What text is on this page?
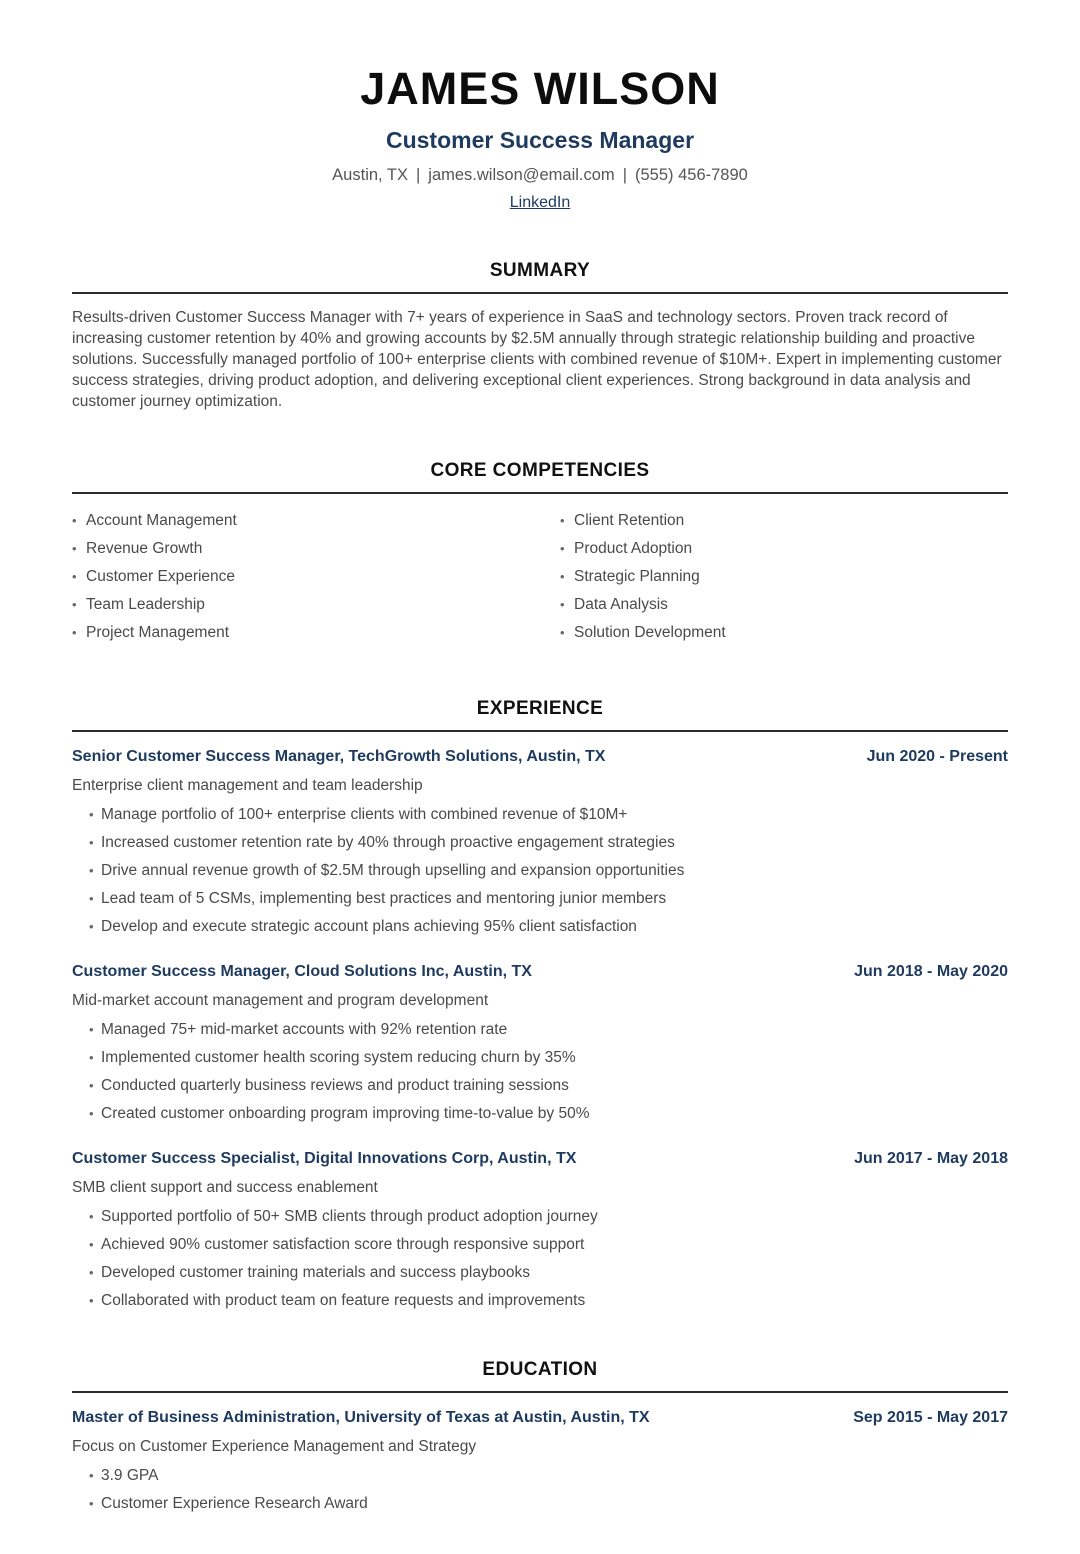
JAMES WILSON
Customer Success Manager
Austin, TX | james.wilson@email.com | (555) 456-7890
LinkedIn
SUMMARY

Results-driven Customer Success Manager with 7+ years of experience in SaaS and technology sectors. Proven track record of increasing customer retention by 40% and growing accounts by $2.5M annually through strategic relationship building and proactive solutions. Successfully managed portfolio of 100+ enterprise clients with combined revenue of $10M+. Expert in implementing customer success strategies, driving product adoption, and delivering exceptional client experiences. Strong background in data analysis and customer journey optimization.

CORE COMPETENCIES
•
Account Management
•
Revenue Growth
•
Customer Experience
•
Team Leadership
•
Project Management
•
Client Retention
•
Product Adoption
•
Strategic Planning
•
Data Analysis
•
Solution Development
EXPERIENCE
Senior Customer Success Manager, TechGrowth Solutions, Austin, TX	Jun 2020 - Present

Enterprise client management and team leadership

•
Manage portfolio of 100+ enterprise clients with combined revenue of $10M+
•
Increased customer retention rate by 40% through proactive engagement strategies
•
Drive annual revenue growth of $2.5M through upselling and expansion opportunities
•
Lead team of 5 CSMs, implementing best practices and mentoring junior members
•
Develop and execute strategic account plans achieving 95% client satisfaction
Customer Success Manager, Cloud Solutions Inc, Austin, TX	Jun 2018 - May 2020

Mid-market account management and program development

•
Managed 75+ mid-market accounts with 92% retention rate
•
Implemented customer health scoring system reducing churn by 35%
•
Conducted quarterly business reviews and product training sessions
•
Created customer onboarding program improving time-to-value by 50%
Customer Success Specialist, Digital Innovations Corp, Austin, TX	Jun 2017 - May 2018

SMB client support and success enablement

•
Supported portfolio of 50+ SMB clients through product adoption journey
•
Achieved 90% customer satisfaction score through responsive support
•
Developed customer training materials and success playbooks
•
Collaborated with product team on feature requests and improvements
EDUCATION
Master of Business Administration, University of Texas at Austin, Austin, TX	Sep 2015 - May 2017

Focus on Customer Experience Management and Strategy

•
3.9 GPA
•
Customer Experience Research Award
